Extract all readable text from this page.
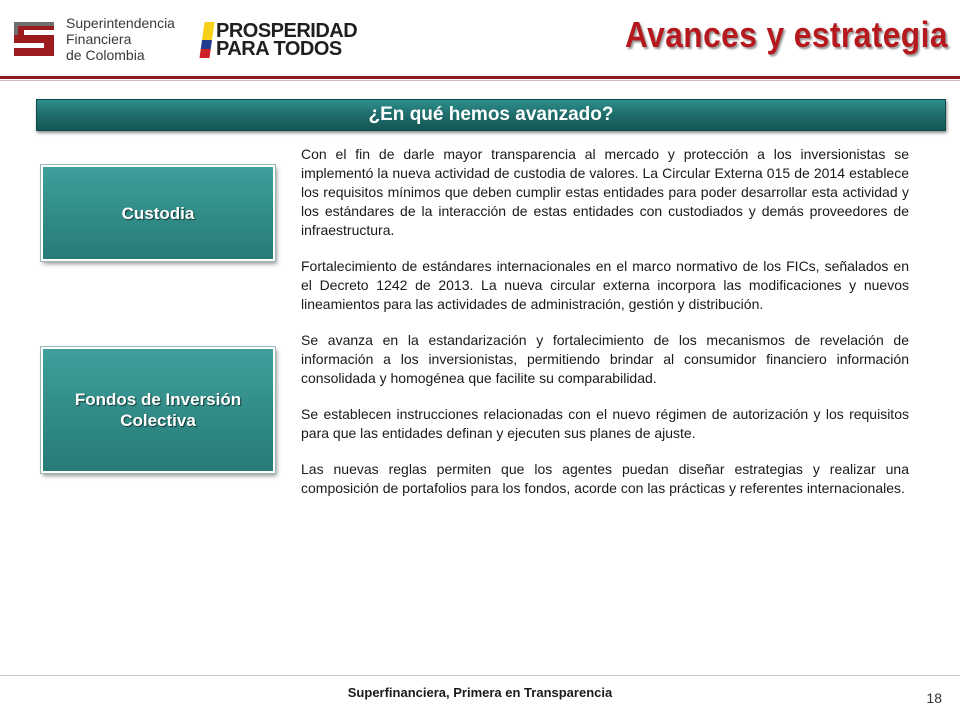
Superintendencia
Financiera
de Colombia
PROSPERIDAD
PARA TODOS	Avances y estrategia
¿En qué hemos avanzado?
Custodia
Fondos de Inversión
Colectiva

Con el fin de darle mayor transparencia al mercado y protección a los inversionistas se implementó la nueva actividad de custodia de valores. La Circular Externa 015 de 2014 establece los requisitos mínimos que deben cumplir estas entidades para poder desarrollar esta actividad y los estándares de la interacción de estas entidades con custodiados y demás proveedores de infraestructura.

Fortalecimiento de estándares internacionales en el marco normativo de los FICs, señalados en el Decreto 1242 de 2013. La nueva circular externa incorpora las modificaciones y nuevos lineamientos para las actividades de administración, gestión y distribución.

Se avanza en la estandarización y fortalecimiento de los mecanismos de revelación de información a los inversionistas, permitiendo brindar al consumidor financiero información consolidada y homogénea que facilite su comparabilidad.

Se establecen instrucciones relacionadas con el nuevo régimen de autorización y los requisitos para que las entidades definan y ejecuten sus planes de ajuste.

Las nuevas reglas permiten que los agentes puedan diseñar estrategias y realizar una composición de portafolios para los fondos, acorde con las prácticas y referentes internacionales.

Superfinanciera, Primera en Transparencia	18
